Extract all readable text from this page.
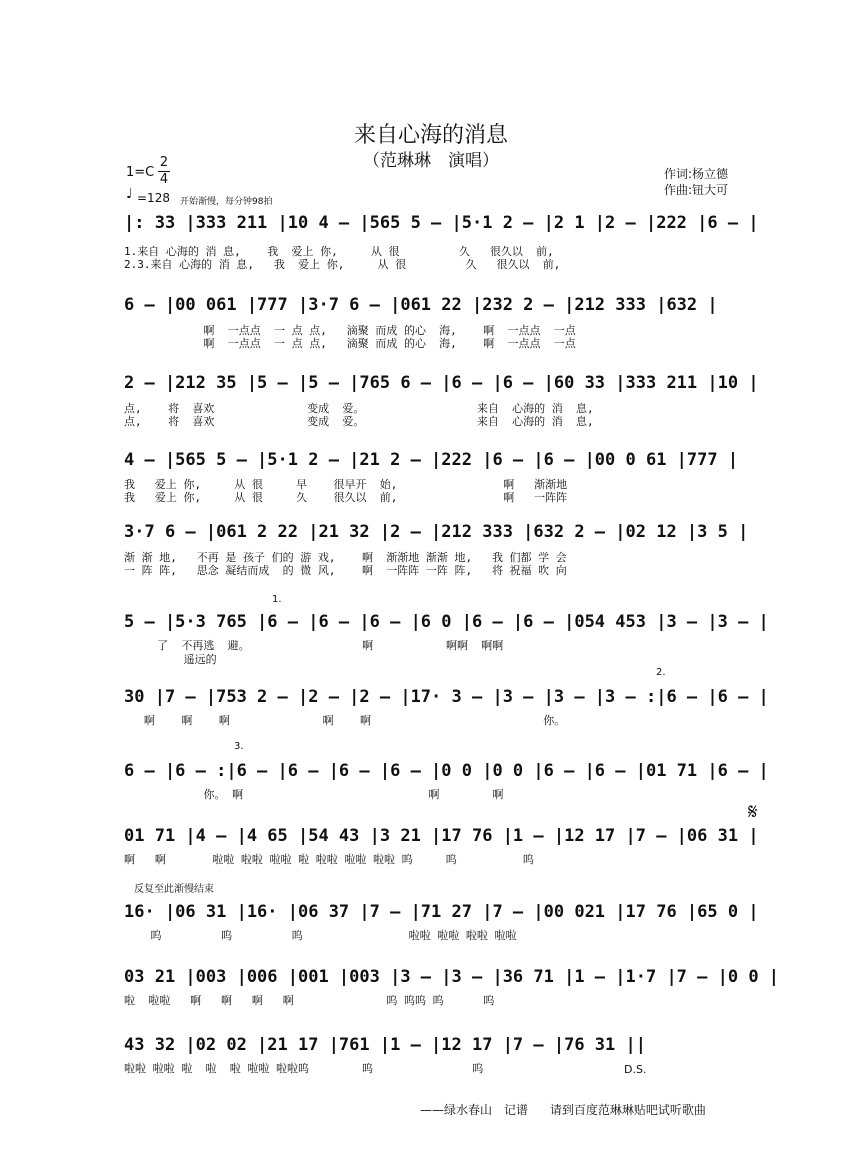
来自心海的消息
（范琳琳　演唱）
1=C
2
4
♩ =128 开始渐慢，每分钟98拍
作词:杨立德
作曲:钮大可
|: 33 |333 211 |10 4 — |565 5 — |5·1 2 — |2 1 |2 — |222 |6 — |
1.来自 心海的 消 息,    我  爱上 你,     从 很         久   很久以  前,
2.3.来自 心海的 消 息,   我  爱上 你,     从 很         久   很久以  前,
6 — |00 061 |777 |3·7 6 — |061 22 |232 2 — |212 333 |632 |
啊  一点点  一 点 点,   滴聚 而成 的心  海,    啊  一点点  一点
啊  一点点  一 点 点,   滴聚 而成 的心  海,    啊  一点点  一点
2 — |212 35 |5 — |5 — |765 6 — |6 — |6 — |60 33 |333 211 |10 |
点,    将  喜欢              变成  爱。                 来自  心海的 消  息,
点,    将  喜欢              变成  爱。                 来自  心海的 消  息,
4 — |565 5 — |5·1 2 — |21 2 — |222 |6 — |6 — |00 0 61 |777 |
我   爱上 你,     从 很     早    很早开  始,                啊   渐渐地
我   爱上 你,     从 很     久    很久以  前,                啊   一阵阵
3·7 6 — |061 2 22 |21 32 |2 — |212 333 |632 2 — |02 12 |3 5 |
渐 渐 地,   不再 是 孩子 们的 游 戏,    啊  渐渐地 渐渐 地,   我 们都 学 会
一 阵 阵,   思念 凝结而成  的 微 风,    啊  一阵阵 一阵 阵,   将 祝福 吹 向
1.
5 — |5·3 765 |6 — |6 — |6 — |6 0 |6 — |6 — |054 453 |3 — |3 — |
了  不再逃  避。                 啊           啊啊  啊啊
遥远的
2.
30 |7 — |753 2 — |2 — |2 — |17· 3 — |3 — |3 — |3 — :|6 — |6 — |
啊    啊    啊              啊    啊                          你。
3.
6 — |6 — :|6 — |6 — |6 — |6 — |0 0 |0 0 |6 — |6 — |01 71 |6 — |
你。 啊                            啊        啊
𝄋
01 71 |4 — |4 65 |54 43 |3 21 |17 76 |1 — |12 17 |7 — |06 31 |
啊   啊       啦啦 啦啦 啦啦 啦 啦啦 啦啦 啦啦 呜     呜          呜
反复至此渐慢结束
16· |06 31 |16· |06 37 |7 — |71 27 |7 — |00 021 |17 76 |65 0 |
呜         呜         呜                啦啦 啦啦 啦啦 啦啦
03 21 |003 |006 |001 |003 |3 — |3 — |36 71 |1 — |1·7 |7 — |0 0 |
啦  啦啦   啊   啊   啊   啊              呜 呜呜 呜      呜
43 32 |02 02 |21 17 |761 |1 — |12 17 |7 — |76 31 ||
啦啦 啦啦 啦  啦  啦 啦啦 啦啦呜        呜               呜	D.S.
——绿水春山　记谱 请到百度范琳琳贴吧试听歌曲
